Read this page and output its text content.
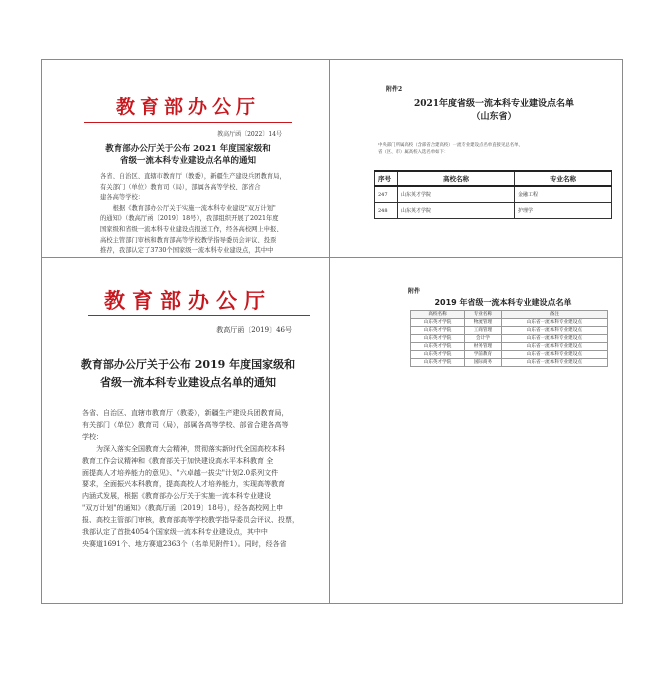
教育部办公厅
教高厅函〔2022〕14号
教育部办公厅关于公布 2021 年度国家级和
省级一流本科专业建设点名单的通知

各省、自治区、直辖市教育厅（教委），新疆生产建设兵团教育局，

有关部门（单位）教育司（局），部属各高等学校、部省合

建各高等学校：

　　根据《教育部办公厅关于实施一流本科专业建设"双万计划"

的通知》（教高厅函〔2019〕18号），我部组织开展了2021年度

国家级和省级一流本科专业建设点报送工作，经各高校网上申报、

高校主管部门审核和教育部高等学校教学指导委员会评议、投票

推荐，我部认定了3730个国家级一流本科专业建设点，其中中

附件2
2021年度省级一流本科专业建设点名单
（山东省）
中央部门所属高校（含部省合建高校）一流专业建设点名单直接见总名单，
省（区、市）属高校入选名单如下：
序号	高校名称	专业名称
247	山东英才学院	金融工程
248	山东英才学院	护理学
教育部办公厅
教高厅函〔2019〕46号
教育部办公厅关于公布 2019 年度国家级和
省级一流本科专业建设点名单的通知

各省、自治区、直辖市教育厅（教委），新疆生产建设兵团教育局，

有关部门（单位）教育司（局），部属各高等学校、部省合建各高等

学校：

　　为深入落实全国教育大会精神，贯彻落实新时代全国高校本科

教育工作会议精神和《教育部关于加快建设高水平本科教育 全

面提高人才培养能力的意见》、"六卓越一拔尖"计划2.0系列文件

要求，全面振兴本科教育，提高高校人才培养能力，实现高等教育

内涵式发展，根据《教育部办公厅关于实施一流本科专业建设

"双万计划"的通知》（教高厅函〔2019〕18号），经各高校网上申

报、高校主管部门审核，教育部高等学校教学指导委员会评议、投票，

我部认定了首批4054个国家级一流本科专业建设点，其中中

央赛道1691个、地方赛道2363个（名单见附件1）。同时，经各省

附件
2019 年省级一流本科专业建设点名单
高校名称	专业名称	备注
山东英才学院	物流管理	山东省一流本科专业建设点
山东英才学院	工商管理	山东省一流本科专业建设点
山东英才学院	会计学	山东省一流本科专业建设点
山东英才学院	财务管理	山东省一流本科专业建设点
山东英才学院	学前教育	山东省一流本科专业建设点
山东英才学院	国际商务	山东省一流本科专业建设点
